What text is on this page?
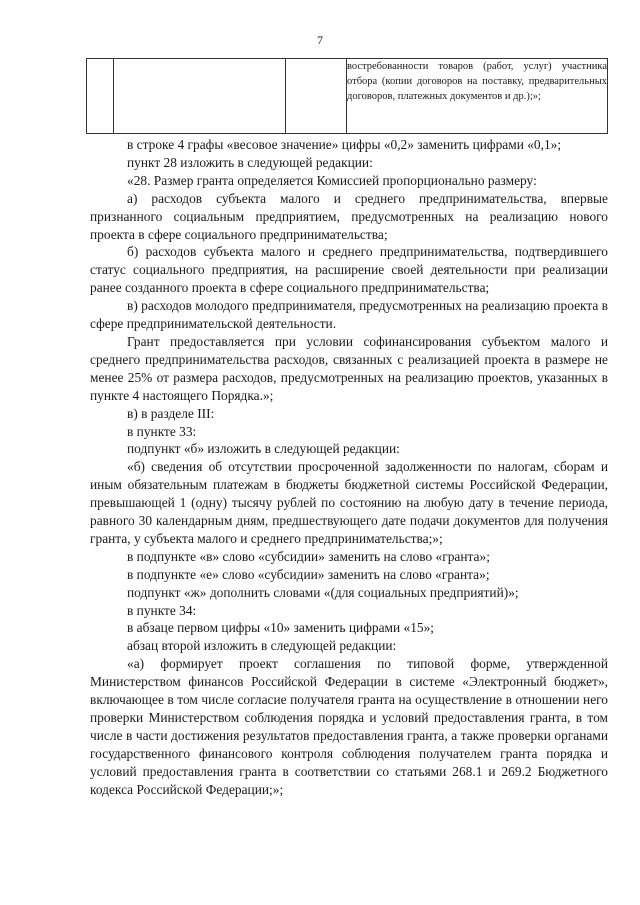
7
			востребованности товаров (работ, услуг) участника отбора (копии договоров на поставку, предварительных договоров, платежных документов и др.);»;

в строке 4 графы «весовое значение» цифры «0,2» заменить цифрами «0,1»;

пункт 28 изложить в следующей редакции:

«28. Размер гранта определяется Комиссией пропорционально размеру:

а) расходов субъекта малого и среднего предпринимательства, впервые признанного социальным предприятием, предусмотренных на реализацию нового проекта в сфере социального предпринимательства;

б) расходов субъекта малого и среднего предпринимательства, подтвердившего статус социального предприятия, на расширение своей деятельности при реализации ранее созданного проекта в сфере социального предпринимательства;

в) расходов молодого предпринимателя, предусмотренных на реализацию проекта в сфере предпринимательской деятельности.

Грант предоставляется при условии софинансирования субъектом малого и среднего предпринимательства расходов, связанных с реализацией проекта в размере не менее 25% от размера расходов, предусмотренных на реализацию проектов, указанных в пункте 4 настоящего Порядка.»;

в) в разделе III:

в пункте 33:

подпункт «б» изложить в следующей редакции:

«б) сведения об отсутствии просроченной задолженности по налогам, сборам и иным обязательным платежам в бюджеты бюджетной системы Российской Федерации, превышающей 1 (одну) тысячу рублей по состоянию на любую дату в течение периода, равного 30 календарным дням, предшествующего дате подачи документов для получения гранта, у субъекта малого и среднего предпринимательства;»;

в подпункте «в» слово «субсидии» заменить на слово «гранта»;

в подпункте «е» слово «субсидии» заменить на слово «гранта»;

подпункт «ж» дополнить словами «(для социальных предприятий)»;

в пункте 34:

в абзаце первом цифры «10» заменить цифрами «15»;

абзац второй изложить в следующей редакции:

«а) формирует проект соглашения по типовой форме, утвержденной Министерством финансов Российской Федерации в системе «Электронный бюджет», включающее в том числе согласие получателя гранта на осуществление в отношении него проверки Министерством соблюдения порядка и условий предоставления гранта, в том числе в части достижения результатов предоставления гранта, а также проверки органами государственного финансового контроля соблюдения получателем гранта порядка и условий предоставления гранта в соответствии со статьями 268.1 и 269.2 Бюджетного кодекса Российской Федерации;»;
